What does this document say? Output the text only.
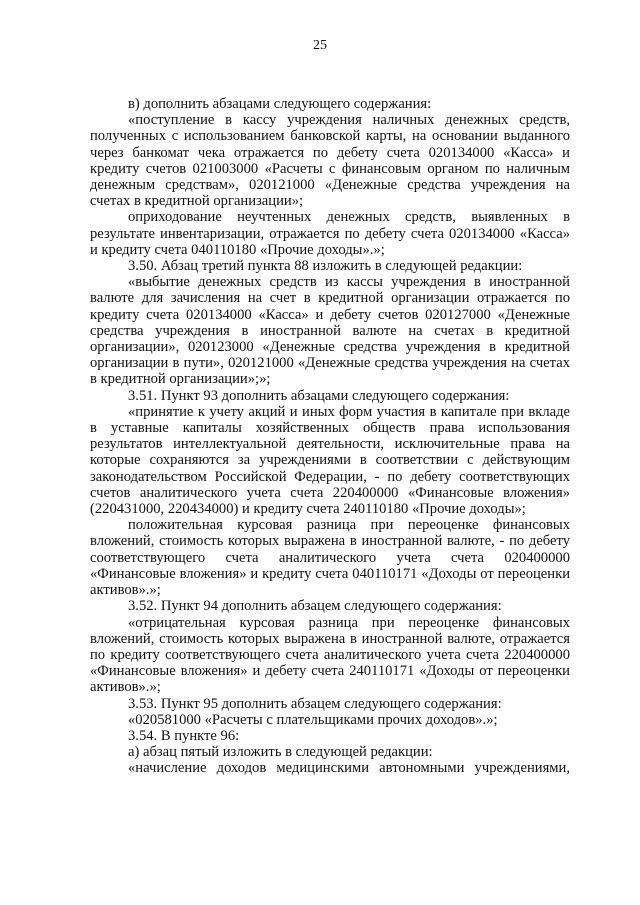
25

в) дополнить абзацами следующего содержания:

«поступление в кассу учреждения наличных денежных средств, полученных с использованием банковской карты, на основании выданного через банкомат чека отражается по дебету счета 020134000 «Касса» и кредиту счетов 021003000 «Расчеты с финансовым органом по наличным денежным средствам», 020121000 «Денежные средства учреждения на счетах в кредитной организации»;

оприходование неучтенных денежных средств, выявленных в результате инвентаризации, отражается по дебету счета 020134000 «Касса» и кредиту счета 040110180 «Прочие доходы».»;

3.50. Абзац третий пункта 88 изложить в следующей редакции:

«выбытие денежных средств из кассы учреждения в иностранной валюте для зачисления на счет в кредитной организации отражается по кредиту счета 020134000 «Касса» и дебету счетов 020127000 «Денежные средства учреждения в иностранной валюте на счетах в кредитной организации», 020123000 «Денежные средства учреждения в кредитной организации в пути», 020121000 «Денежные средства учреждения на счетах в кредитной организации»;»;

3.51. Пункт 93 дополнить абзацами следующего содержания:

«принятие к учету акций и иных форм участия в капитале при вкладе в уставные капиталы хозяйственных обществ права использования результатов интеллектуальной деятельности, исключительные права на которые сохраняются за учреждениями в соответствии с действующим законодательством Российской Федерации, - по дебету соответствующих счетов аналитического учета счета 220400000 «Финансовые вложения» (220431000, 220434000) и кредиту счета 240110180 «Прочие доходы»;

положительная курсовая разница при переоценке финансовых вложений, стоимость которых выражена в иностранной валюте, - по дебету соответствующего счета аналитического учета счета 020400000 «Финансовые вложения» и кредиту счета 040110171 «Доходы от переоценки активов».»;

3.52. Пункт 94 дополнить абзацем следующего содержания:

«отрицательная курсовая разница при переоценке финансовых вложений, стоимость которых выражена в иностранной валюте, отражается по кредиту соответствующего счета аналитического учета счета 220400000 «Финансовые вложения» и дебету счета 240110171 «Доходы от переоценки активов».»;

3.53. Пункт 95 дополнить абзацем следующего содержания:

«020581000 «Расчеты с плательщиками прочих доходов».»;

3.54. В пункте 96:

а) абзац пятый изложить в следующей редакции:

«начисление доходов медицинскими автономными учреждениями,
